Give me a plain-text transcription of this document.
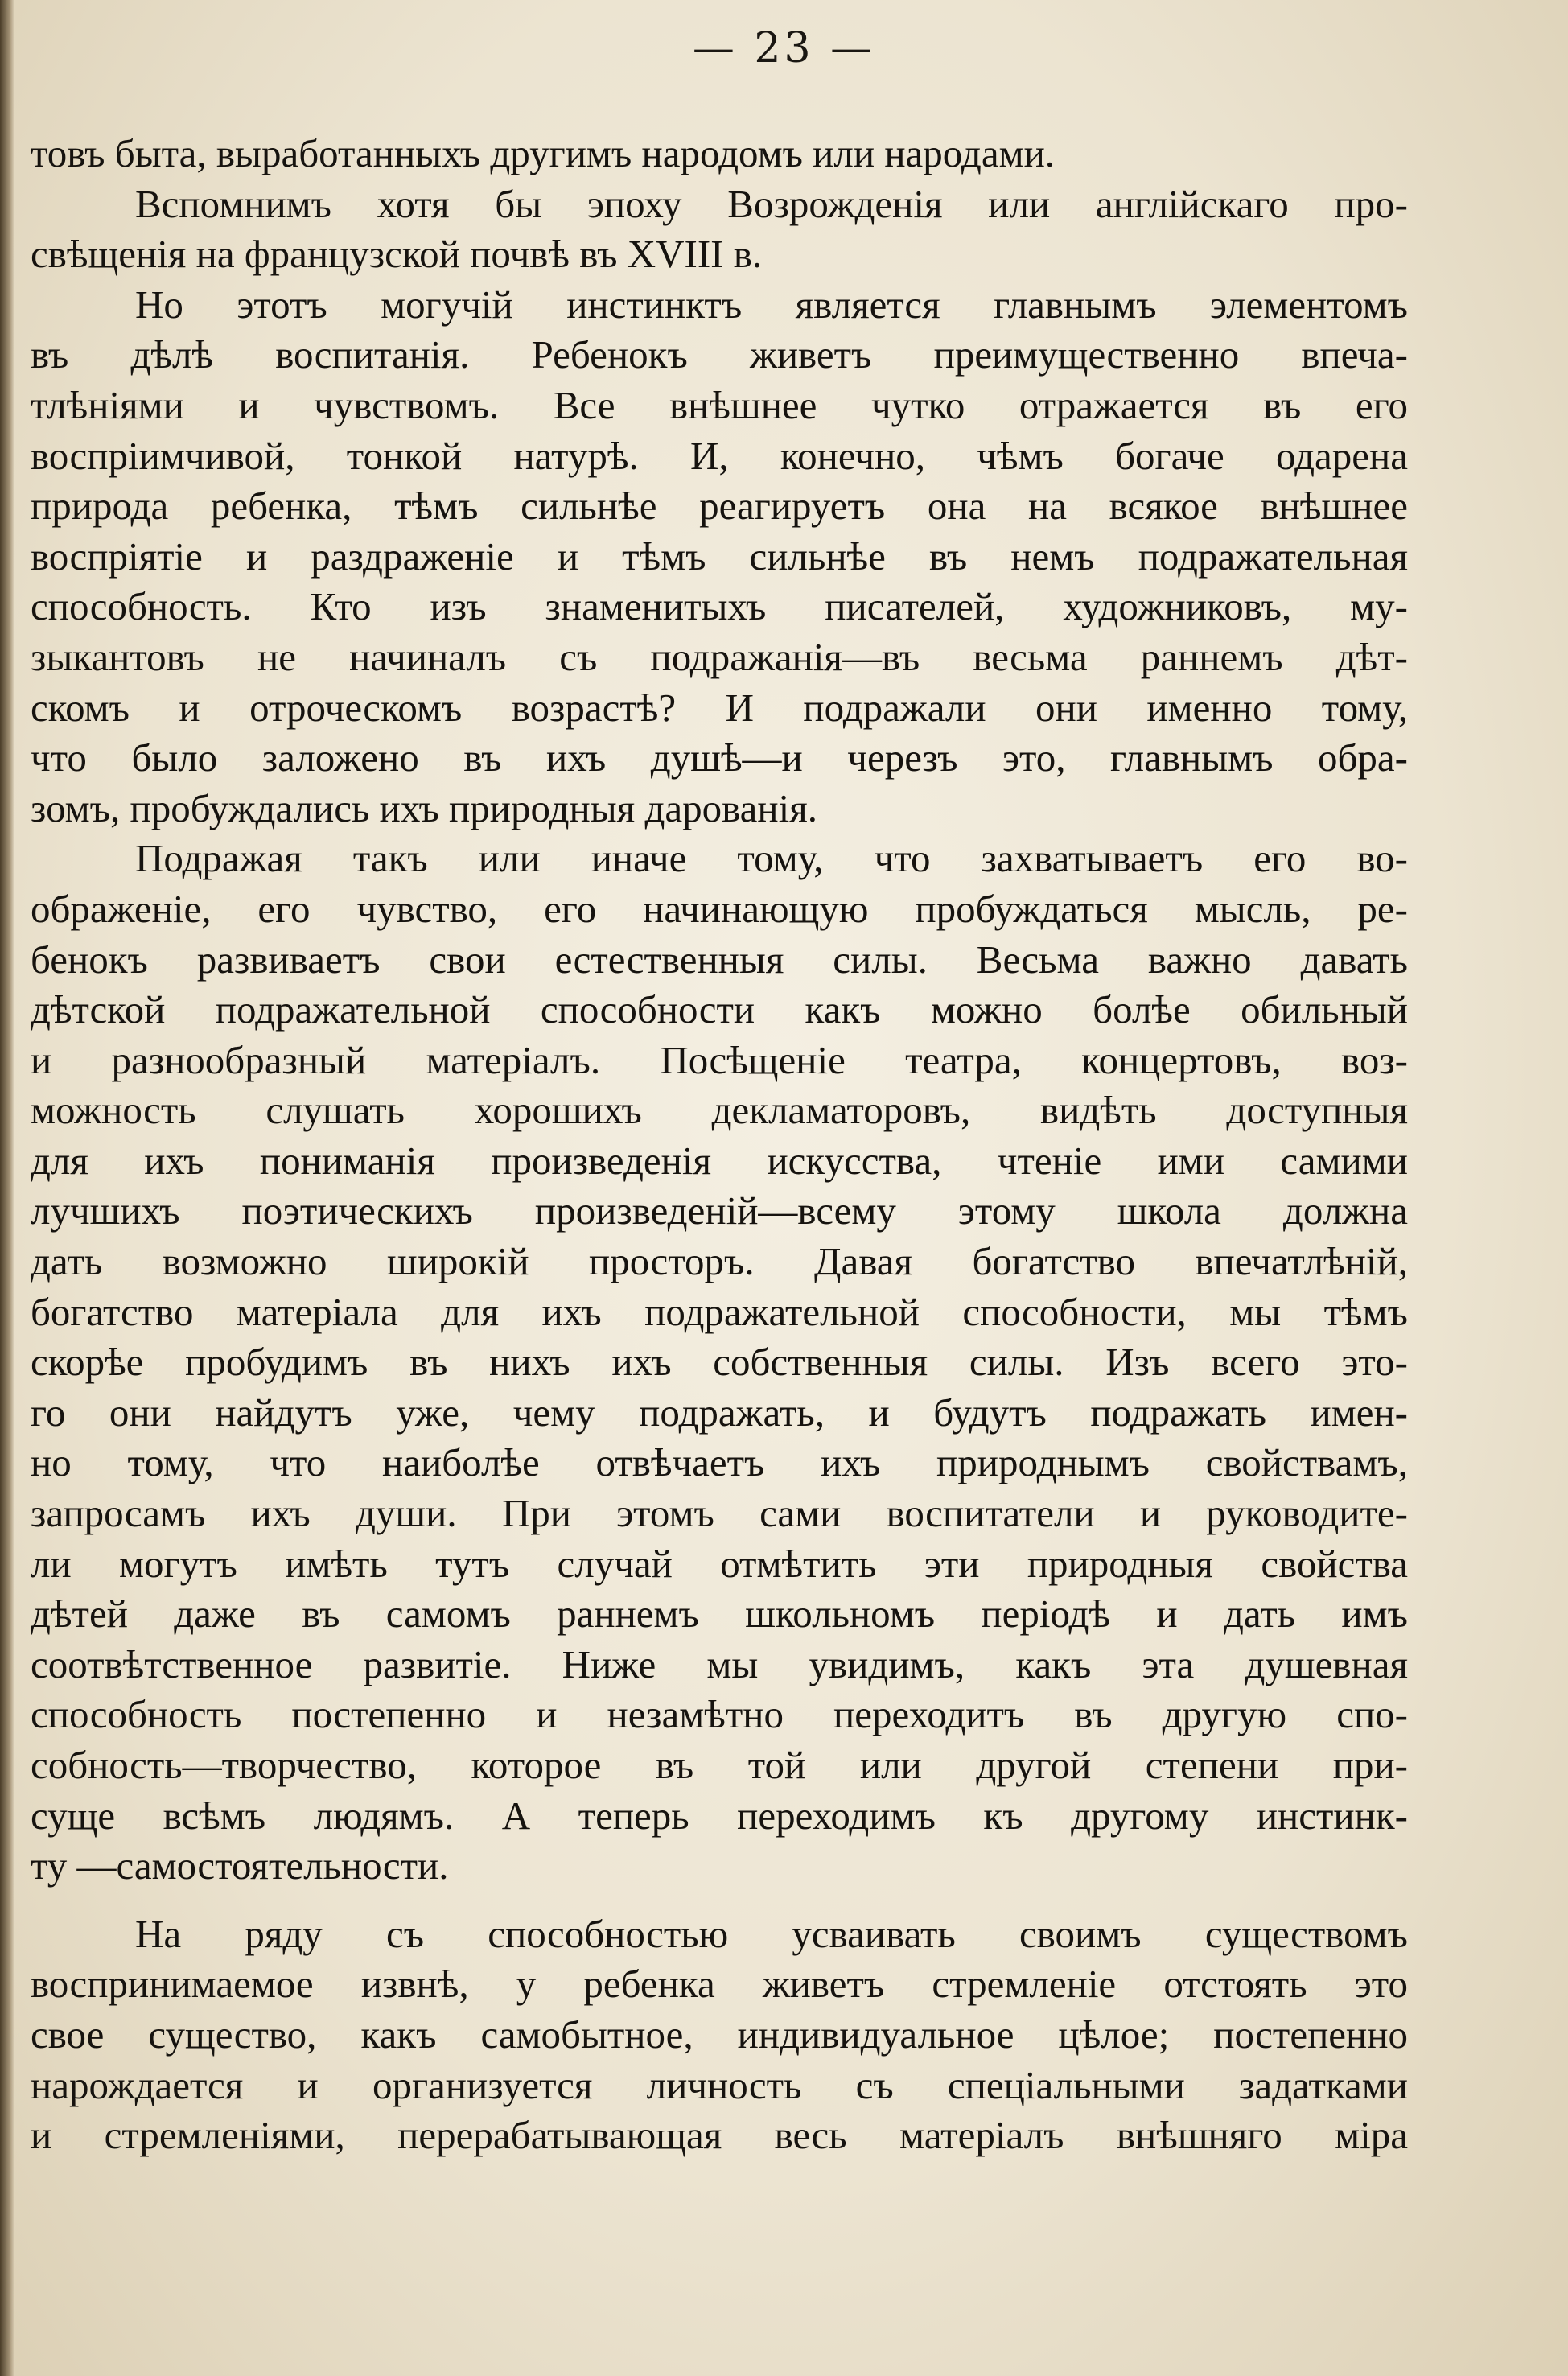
— 23 —
товъ быта, выработанныхъ другимъ народомъ или народами.
Вспомнимъ хотя бы эпоху Возрожденія или англійскаго про-
свѣщенія на французской почвѣ въ XVIII в.
Но этотъ могучій инстинктъ является главнымъ элементомъ
въ дѣлѣ воспитанія. Ребенокъ живетъ преимущественно впеча-
тлѣніями и чувствомъ. Все внѣшнее чутко отражается въ его
воспріимчивой, тонкой натурѣ. И, конечно, чѣмъ богаче одарена
природа ребенка, тѣмъ сильнѣе реагируетъ она на всякое внѣшнее
воспріятіе и раздраженіе и тѣмъ сильнѣе въ немъ подражательная
способность. Кто изъ знаменитыхъ писателей, художниковъ, му-
зыкантовъ не начиналъ съ подражанія—въ весьма раннемъ дѣт-
скомъ и отроческомъ возрастѣ? И подражали они именно тому,
что было заложено въ ихъ душѣ—и черезъ это, главнымъ обра-
зомъ, пробуждались ихъ природныя дарованія.
Подражая такъ или иначе тому, что захватываетъ его во-
ображеніе, его чувство, его начинающую пробуждаться мысль, ре-
бенокъ развиваетъ свои естественныя силы. Весьма важно давать
дѣтской подражательной способности какъ можно болѣе обильный
и разнообразный матеріалъ. Посѣщеніе театра, концертовъ, воз-
можность слушать хорошихъ декламаторовъ, видѣть доступныя
для ихъ пониманія произведенія искусства, чтеніе ими самими
лучшихъ поэтическихъ произведеній—всему этому школа должна
дать возможно широкій просторъ. Давая богатство впечатлѣній,
богатство матеріала для ихъ подражательной способности, мы тѣмъ
скорѣе пробудимъ въ нихъ ихъ собственныя силы. Изъ всего это-
го они найдутъ уже, чему подражать, и будутъ подражать имен-
но тому, что наиболѣе отвѣчаетъ ихъ природнымъ свойствамъ,
запросамъ ихъ души. При этомъ сами воспитатели и руководите-
ли могутъ имѣть тутъ случай отмѣтить эти природныя свойства
дѣтей даже въ самомъ раннемъ школьномъ періодѣ и дать имъ
соотвѣтственное развитіе. Ниже мы увидимъ, какъ эта душевная
способность постепенно и незамѣтно переходитъ въ другую спо-
собность—творчество, которое въ той или другой степени при-
суще всѣмъ людямъ. А теперь переходимъ къ другому инстинк-
ту —самостоятельности.
На ряду съ способностью усваивать своимъ существомъ
воспринимаемое извнѣ, у ребенка живетъ стремленіе отстоять это
свое существо, какъ самобытное, индивидуальное цѣлое; постепенно
нарождается и организуется личность съ спеціальными задатками
и стремленіями, перерабатывающая весь матеріалъ внѣшняго міра
